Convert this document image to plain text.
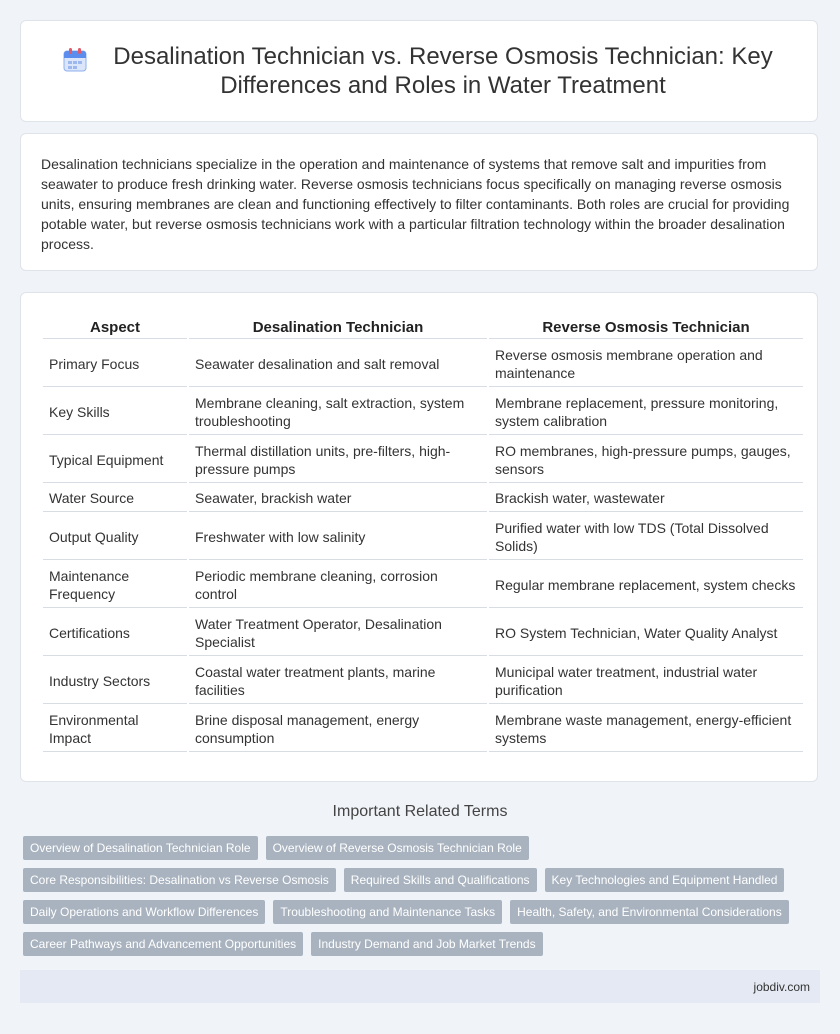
Desalination Technician vs. Reverse Osmosis Technician: Key Differences and Roles in Water Treatment

Desalination technicians specialize in the operation and maintenance of systems that remove salt and impurities from seawater to produce fresh drinking water. Reverse osmosis technicians focus specifically on managing reverse osmosis units, ensuring membranes are clean and functioning effectively to filter contaminants. Both roles are crucial for providing potable water, but reverse osmosis technicians work with a particular filtration technology within the broader desalination process.

Aspect	Desalination Technician	Reverse Osmosis Technician
Primary Focus	Seawater desalination and salt removal	Reverse osmosis membrane operation and maintenance
Key Skills	Membrane cleaning, salt extraction, system troubleshooting	Membrane replacement, pressure monitoring, system calibration
Typical Equipment	Thermal distillation units, pre-filters, high-pressure pumps	RO membranes, high-pressure pumps, gauges, sensors
Water Source	Seawater, brackish water	Brackish water, wastewater
Output Quality	Freshwater with low salinity	Purified water with low TDS (Total Dissolved Solids)
Maintenance Frequency	Periodic membrane cleaning, corrosion control	Regular membrane replacement, system checks
Certifications	Water Treatment Operator, Desalination Specialist	RO System Technician, Water Quality Analyst
Industry Sectors	Coastal water treatment plants, marine facilities	Municipal water treatment, industrial water purification
Environmental Impact	Brine disposal management, energy consumption	Membrane waste management, energy-efficient systems
Important Related Terms
Overview of Desalination Technician Role	Overview of Reverse Osmosis Technician Role
Core Responsibilities: Desalination vs Reverse Osmosis	Required Skills and Qualifications	Key Technologies and Equipment Handled
Daily Operations and Workflow Differences	Troubleshooting and Maintenance Tasks	Health, Safety, and Environmental Considerations
Career Pathways and Advancement Opportunities	Industry Demand and Job Market Trends
jobdiv.com
